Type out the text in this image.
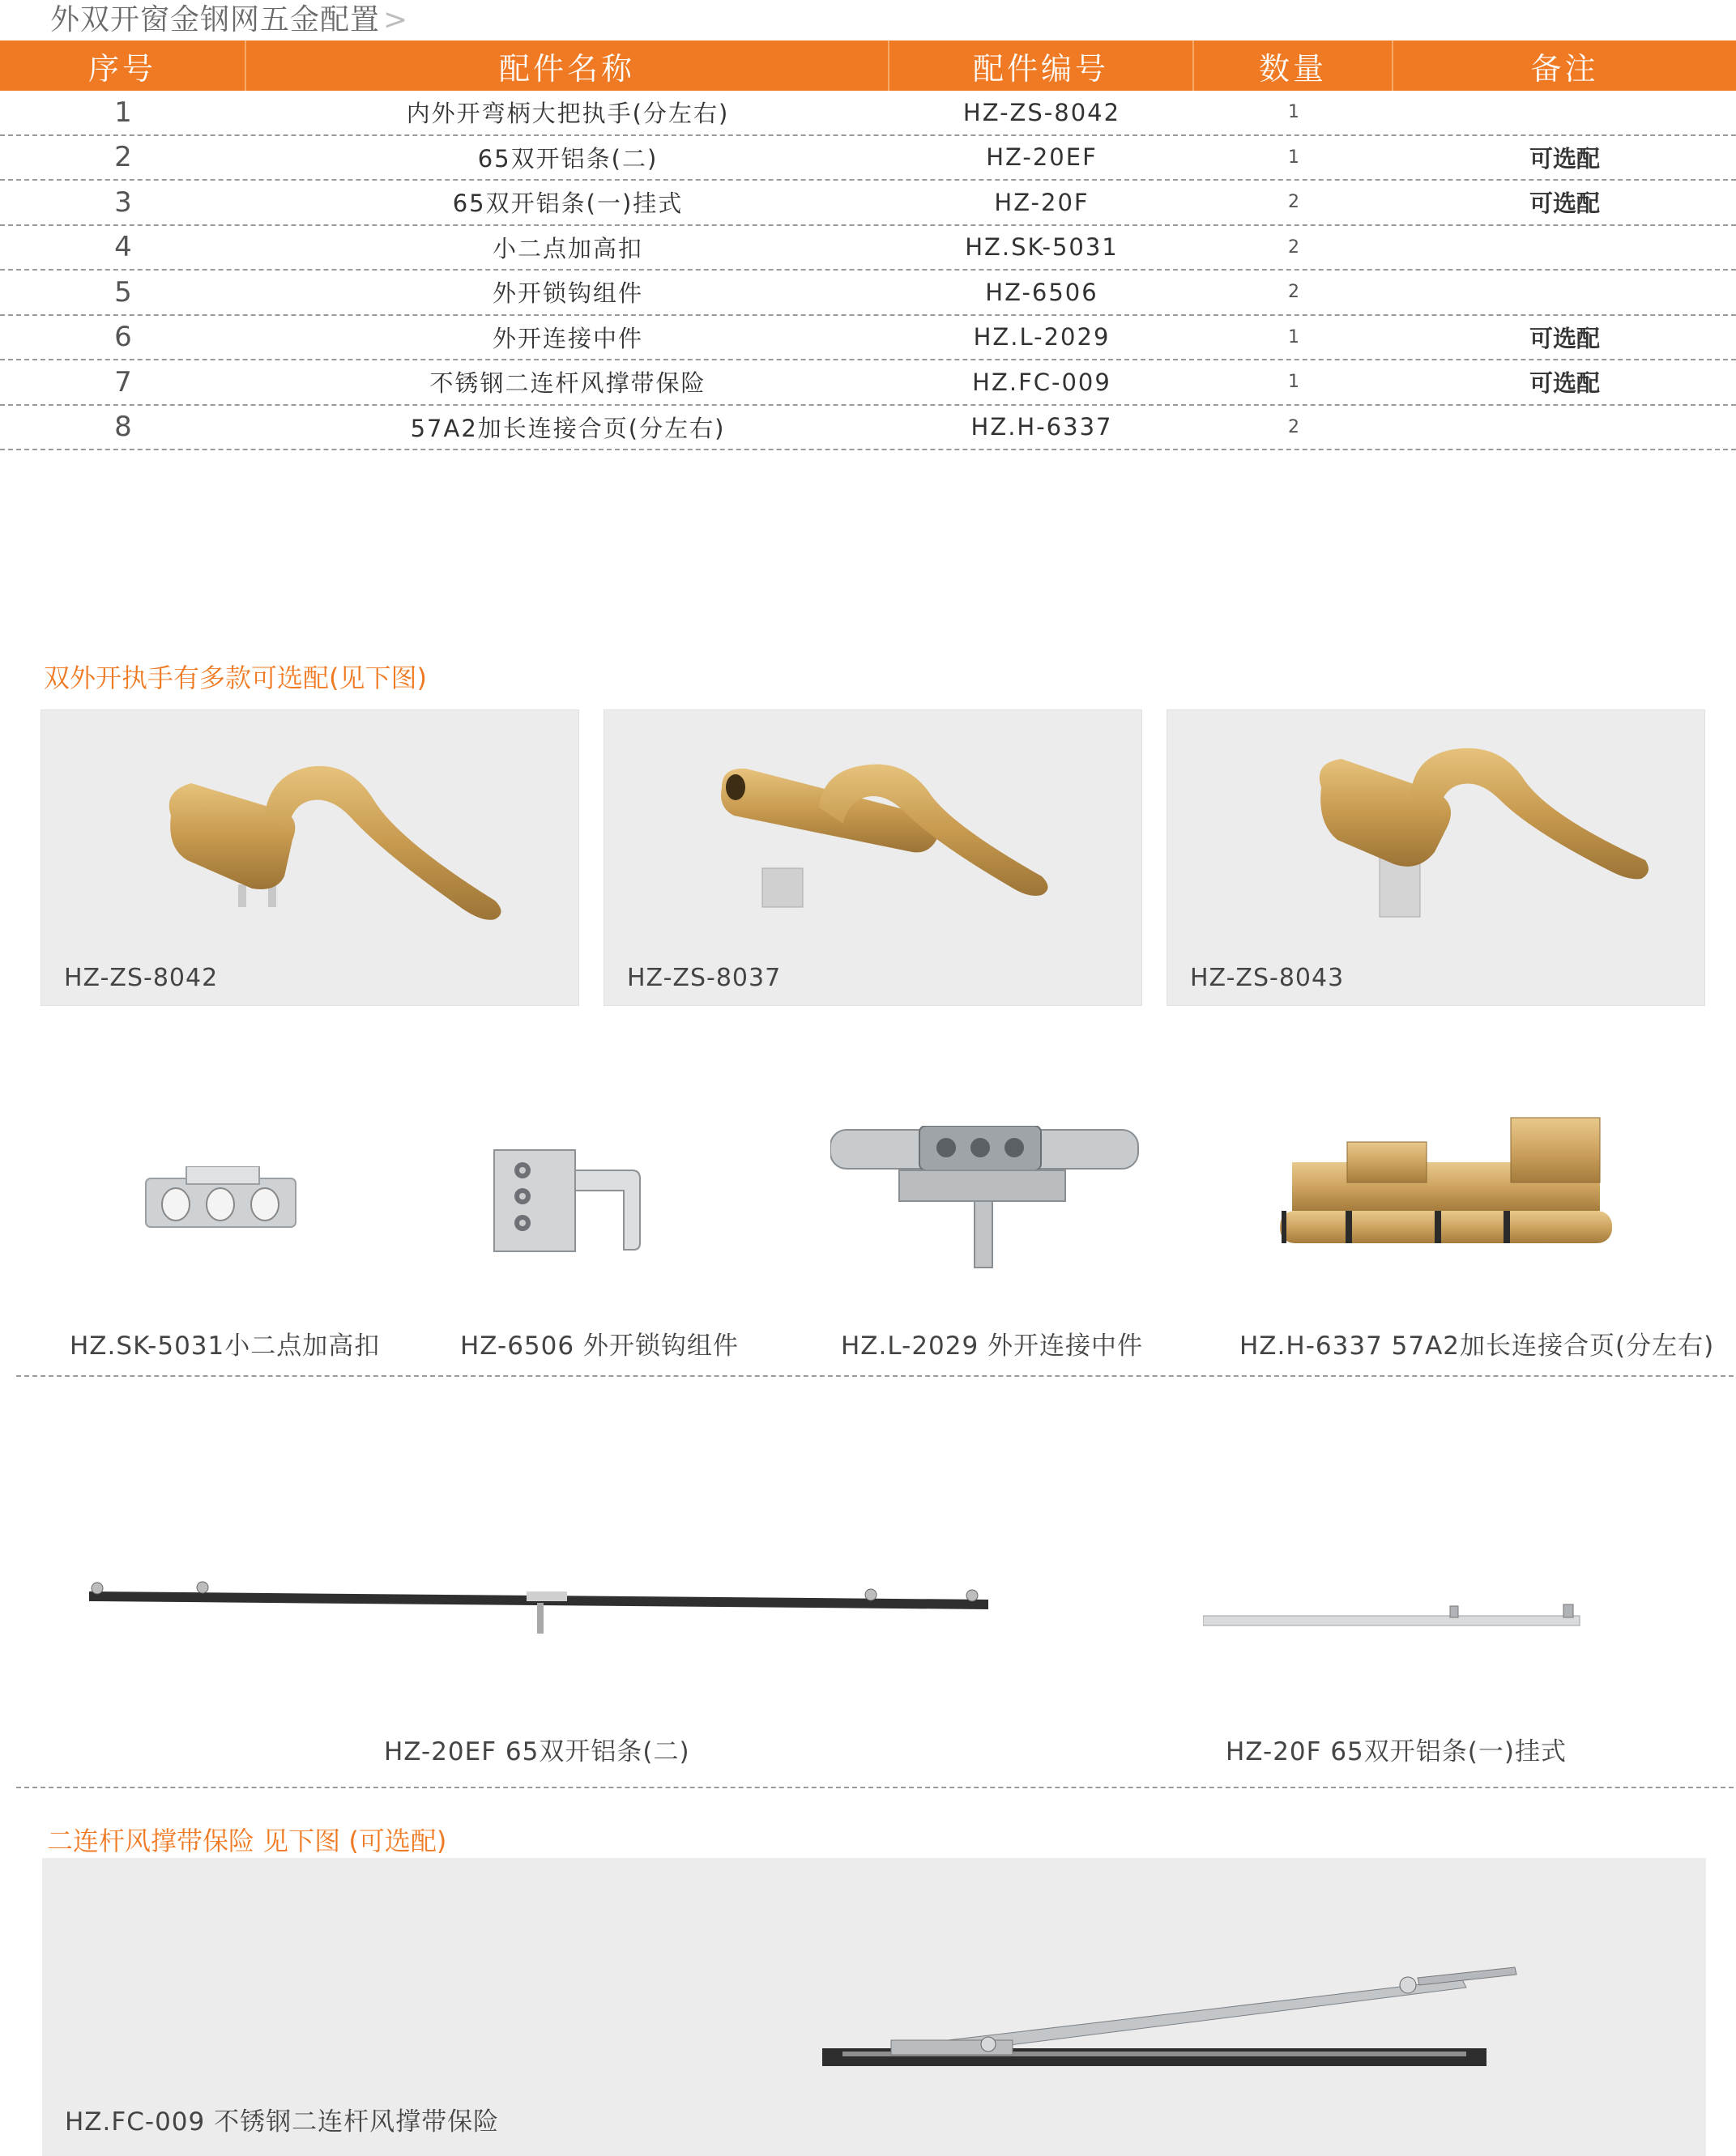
外双开窗金钢网五金配置 >
序号	配件名称	配件编号	数量	备注
1	内外开弯柄大把执手(分左右)	HZ-ZS-8042	1
2	65双开铝条(二)	HZ-20EF	1	可选配
3	65双开铝条(一)挂式	HZ-20F	2	可选配
4	小二点加高扣	HZ.SK-5031	2
5	外开锁钩组件	HZ-6506	2
6	外开连接中件	HZ.L-2029	1	可选配
7	不锈钢二连杆风撑带保险	HZ.FC-009	1	可选配
8	57A2加长连接合页(分左右)	HZ.H-6337	2
双外开执手有多款可选配(见下图)
HZ-ZS-8042	HZ-ZS-8037	HZ-ZS-8043
HZ.SK-5031小二点加高扣	HZ-6506 外开锁钩组件	HZ.L-2029 外开连接中件	HZ.H-6337 57A2加长连接合页(分左右)
HZ-20EF 65双开铝条(二)	HZ-20F 65双开铝条(一)挂式
二连杆风撑带保险 见下图 (可选配)
HZ.FC-009 不锈钢二连杆风撑带保险
